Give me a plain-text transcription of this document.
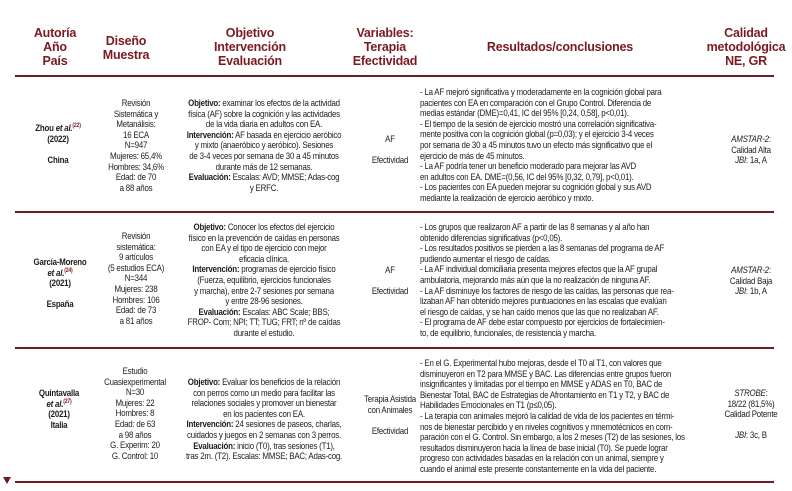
Autoría
Año
País
Diseño
Muestra
Objetivo
Intervención
Evaluación
Variables:
Terapia
Efectividad
Resultados/conclusiones
Calidad
metodológica
NE, GR
Zhou et al.$^{(22)}$
(2022)
China
Revisión
Sistemática y
Metanálisis:
16 ECA
N=947
Mujeres: 65,4%
Hombres: 34,6%
Edad: de 70
a 88 años
Objetivo: examinar los efectos de la actividad
física (AF) sobre la cognición y las actividades
de la vida diaria en adultos con EA.
Intervención: AF basada en ejercicio aeróbico
y mixto (anaeróbico y aeróbico). Sesiones
de 3-4 veces por semana de 30 a 45 minutos
durante más de 12 semanas.
Evaluación: Escalas: AVD; MMSE; Adas-cog
y ERFC.
AF
Efectividad
- La AF mejoró significativa y moderadamente en la cognición global para
pacientes con EA en comparación con el Grupo Control. Diferencia de
medias estándar (DME)=0,41, IC del 95% [0,24, 0,58], p<0,01).
- El tiempo de la sesión de ejercicio mostró una correlación significativa-
mente positiva con la cognición global (p=0,03); y el ejercicio 3-4 veces
por semana de 30 a 45 minutos tuvo un efecto más significativo que el
ejercicio de más de 45 minutos.
- La AF podría tener un beneficio moderado para mejorar las AVD
en adultos con EA. DME=(0,56, IC del 95% [0,32, 0,79], p<0,01).
- Los pacientes con EA pueden mejorar su cognición global y sus AVD
mediante la realización de ejercicio aeróbico y mixto.
AMSTAR-2:
Calidad Alta
JBI: 1a, A
García-Moreno
et al.$^{(24)}$
(2021)
España
Revisión
sistemática:
9 artículos
(5 estudios ECA)
N=344
Mujeres: 238
Hombres: 106
Edad: de 73
a 81 años
Objetivo: Conocer los efectos del ejercicio
físico en la prevención de caídas en personas
con EA y el tipo de ejercicio con mejor
eficacia clínica.
Intervención: programas de ejercicio físico
(Fuerza, equilibrio, ejercicios funcionales
y marcha), entre 2-7 sesiones por semana
y entre 28-96 sesiones.
Evaluación: Escalas: ABC Scale; BBS;
FROP- Com; NPI; TT; TUG; FRT; nº de caídas
durante el estudio.
AF
Efectividad
- Los grupos que realizaron AF a partir de las 8 semanas y al año han
obtenido diferencias significativas (p<0,05).
- Los resultados positivos se pierden a las 8 semanas del programa de AF
pudiendo aumentar el riesgo de caídas.
- La AF individual domiciliaria presenta mejores efectos que la AF grupal
ambulatoria, mejorando más aún que la no realización de ninguna AF.
- La AF disminuye los factores de riesgo de las caídas, las personas que rea-
lizaban AF han obtenido mejores puntuaciones en las escalas que evalúan
el riesgo de caídas, y se han caído menos que las que no realizaban AF.
- El programa de AF debe estar compuesto por ejercicios de fortalecimien-
to, de equilibrio, funcionales, de resistencia y marcha.
AMSTAR-2:
Calidad Baja
JBI: 1b, A
Quintavalla
et al.$^{(27)}$
(2021)
Italia
Estudio
Cuasiexperimental
N=30
Mujeres: 22
Hombres: 8
Edad: de 63
a 98 años
G. Experim: 20
G. Control: 10
Objetivo: Evaluar los beneficios de la relación
con perros como un medio para facilitar las
relaciones sociales y promover un bienestar
en los pacientes con EA.
Intervención: 24 sesiones de paseos, charlas,
cuidados y juegos en 2 semanas con 3 perros.
Evaluación: inicio (T0), tras sesiones (T1),
tras 2m. (T2). Escalas: MMSE; BAC; Adas-cog.
Terapia Asistida
con Animales
Efectividad
- En el G. Experimental hubo mejoras, desde el T0 al T1, con valores que
disminuyeron en T2 para MMSE y BAC. Las diferencias entre grupos fueron
insignificantes y limitadas por el tiempo en MMSE y ADAS en T0, BAC de
Bienestar Total, BAC de Estrategias de Afrontamiento en T1 y T2, y BAC de
Habilidades Emocionales en T1 (p≤0,05).
- La terapia con animales mejoró la calidad de vida de los pacientes en térmi-
nos de bienestar percibido y en niveles cognitivos y mnemotécnicos en com-
paración con el G. Control. Sin embargo, a los 2 meses (T2) de las sesiones, los
resultados disminuyeron hacia la línea de base inicial (T0). Se puede lograr
progreso con actividades basadas en la relación con un animal, siempre y
cuando el animal este presente constantemente en la vida del paciente.
STROBE:
18/22 (81,5%)
Calidad Potente
JBI: 3c, B
